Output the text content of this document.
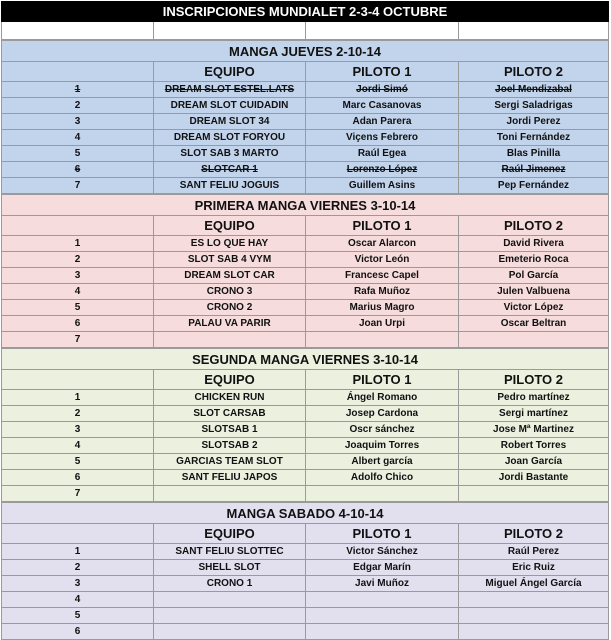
INSCRIPCIONES MUNDIALET 2-3-4 OCTUBRE
MANGA JUEVES 2-10-14
EQUIPO	PILOTO 1	PILOTO 2
1	DREAM SLOT ESTEL.LATS	Jordi Simó	Joel Mendizabal
2	DREAM SLOT CUIDADIN	Marc Casanovas	Sergi Saladrigas
3	DREAM SLOT 34	Adan Parera	Jordi Perez
4	DREAM SLOT FORYOU	Viçens Febrero	Toni Fernández
5	SLOT SAB 3 MARTO	Raúl Egea	Blas Pinilla
6	SLOTCAR 1	Lorenzo López	Raúl Jimenez
7	SANT FELIU JOGUIS	Guillem Asins	Pep Fernández
PRIMERA MANGA VIERNES 3-10-14
EQUIPO	PILOTO 1	PILOTO 2
1	ES LO QUE HAY	Oscar Alarcon	David Rivera
2	SLOT SAB 4 VYM	Victor León	Emeterio Roca
3	DREAM SLOT CAR	Francesc Capel	Pol García
4	CRONO 3	Rafa Muñoz	Julen Valbuena
5	CRONO 2	Marius Magro	Victor López
6	PALAU VA PARIR	Joan Urpi	Oscar Beltran
7
SEGUNDA MANGA VIERNES 3-10-14
EQUIPO	PILOTO 1	PILOTO 2
1	CHICKEN RUN	Ángel Romano	Pedro martínez
2	SLOT CARSAB	Josep Cardona	Sergi martínez
3	SLOTSAB 1	Oscr sánchez	Jose Mª Martinez
4	SLOTSAB 2	Joaquim Torres	Robert Torres
5	GARCIAS TEAM SLOT	Albert garcía	Joan García
6	SANT FELIU JAPOS	Adolfo Chico	Jordi Bastante
7
MANGA SABADO 4-10-14
EQUIPO	PILOTO 1	PILOTO 2
1	SANT FELIU SLOTTEC	Victor Sánchez	Raúl Perez
2	SHELL SLOT	Edgar Marín	Eric Ruiz
3	CRONO 1	Javi Muñoz	Miguel Ángel García
4
5
6
